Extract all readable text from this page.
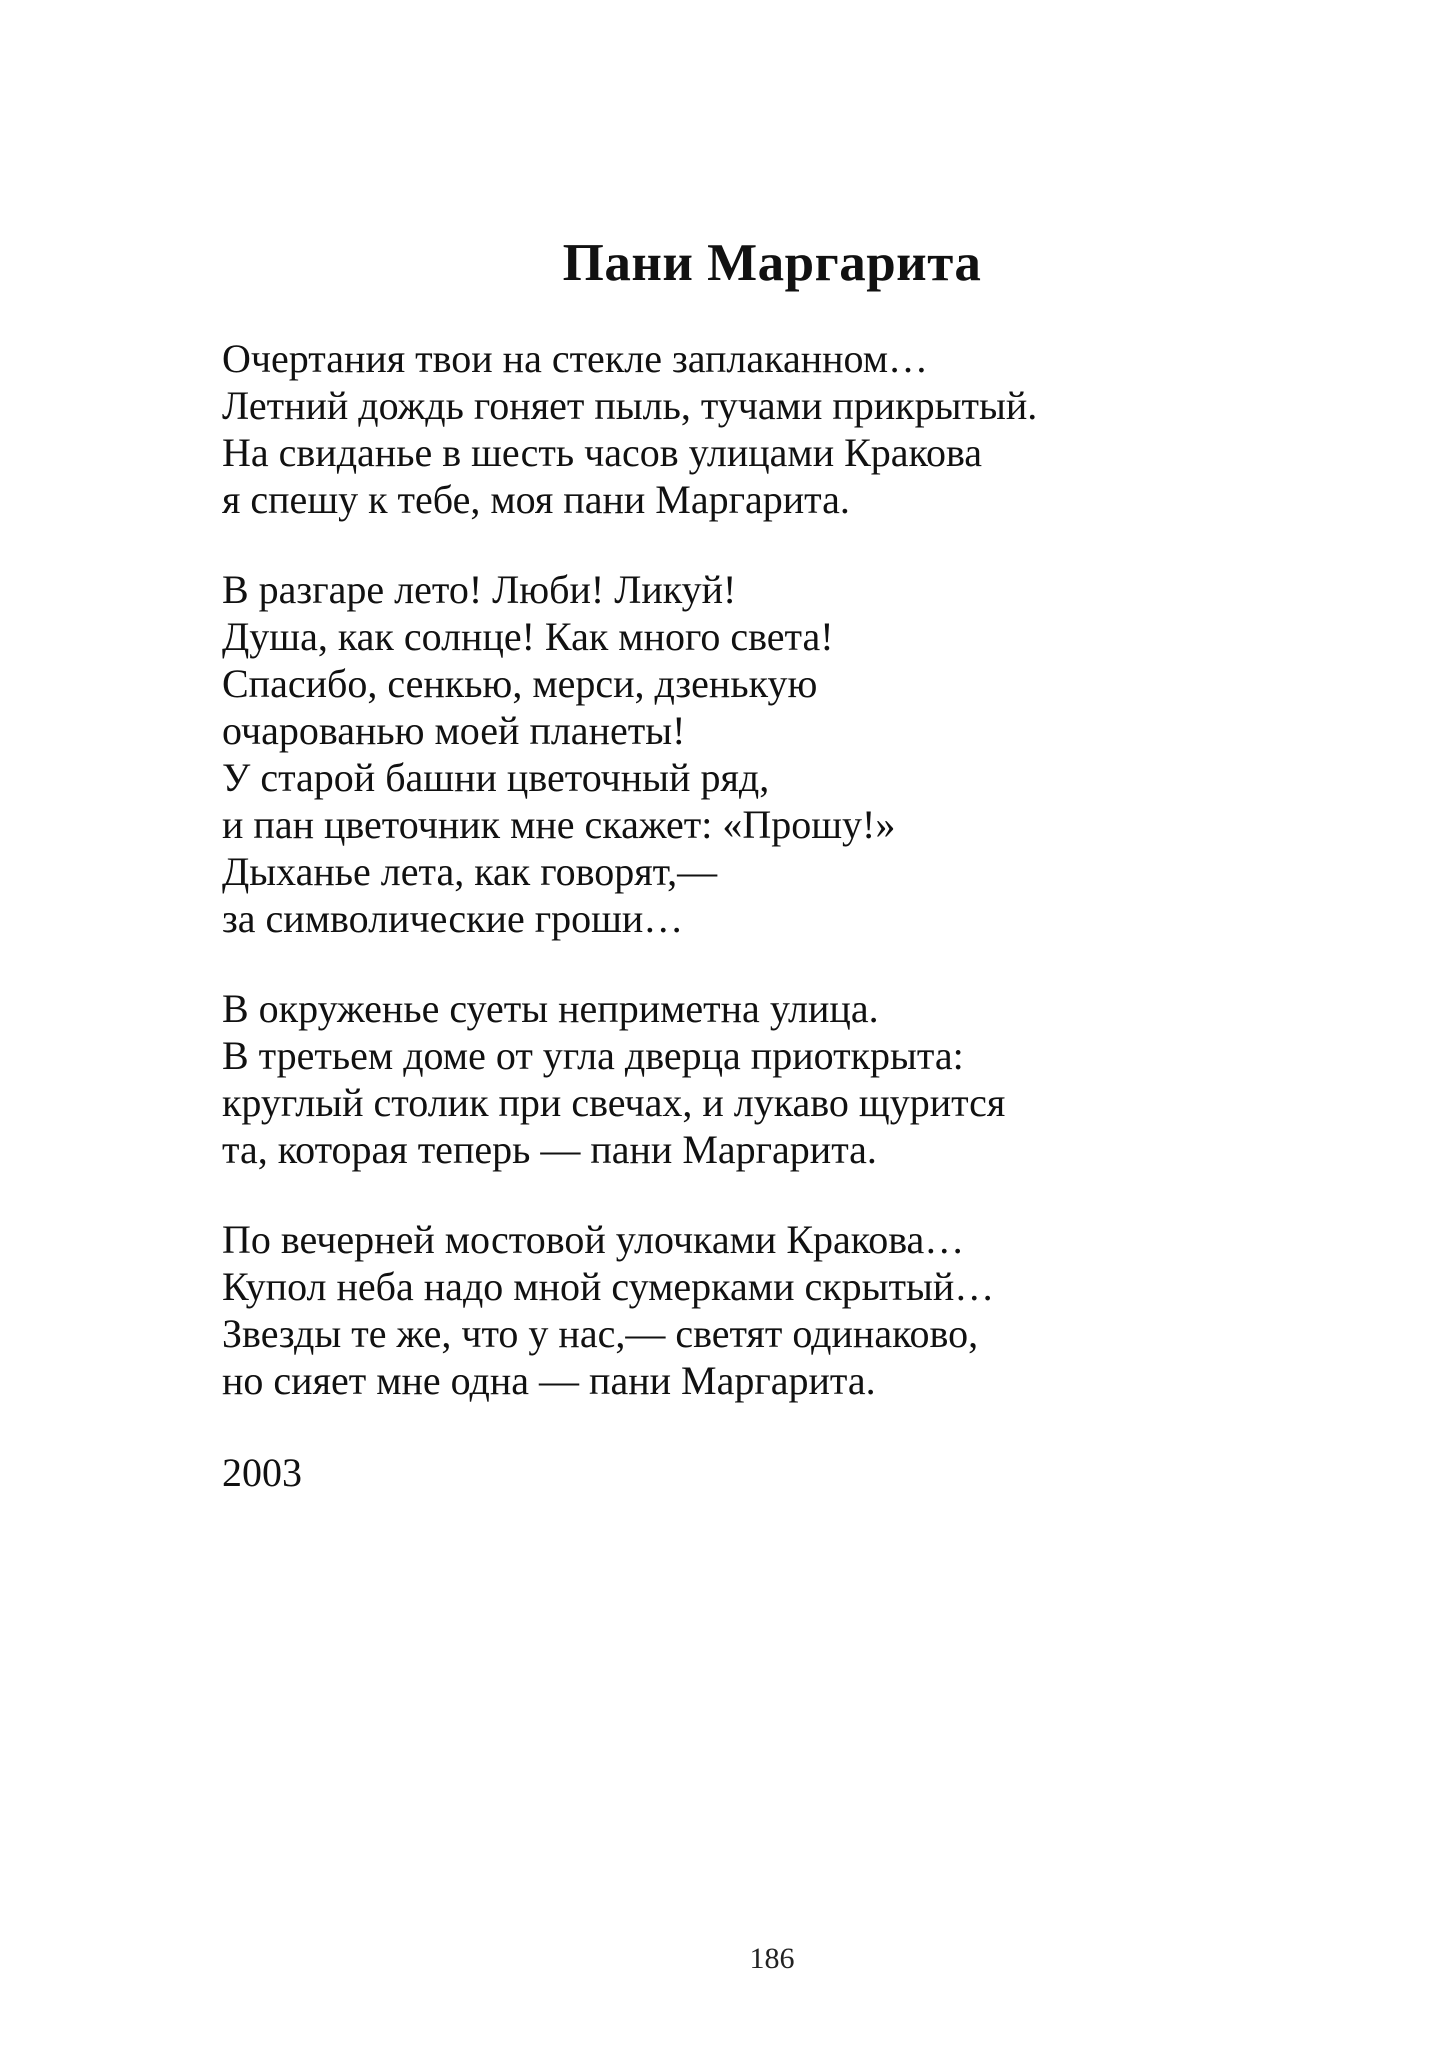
Пани Маргарита
Очертания твои на стекле заплаканном…
Летний дождь гоняет пыль, тучами прикрытый.
На свиданье в шесть часов улицами Кракова
я спешу к тебе, моя пани Маргарита.
В разгаре лето! Люби! Ликуй!
Душа, как солнце! Как много света!
Спасибо, сенкью, мерси, дзенькую
очарованью моей планеты!
У старой башни цветочный ряд,
и пан цветочник мне скажет: «Прошу!»
Дыханье лета, как говорят,—
за символические гроши…
В окруженье суеты неприметна улица.
В третьем доме от угла дверца приоткрыта:
круглый столик при свечах, и лукаво щурится
та, которая теперь — пани Маргарита.
По вечерней мостовой улочками Кракова…
Купол неба надо мной сумерками скрытый…
Звезды те же, что у нас,— светят одинаково,
но сияет мне одна — пани Маргарита.
2003
186
